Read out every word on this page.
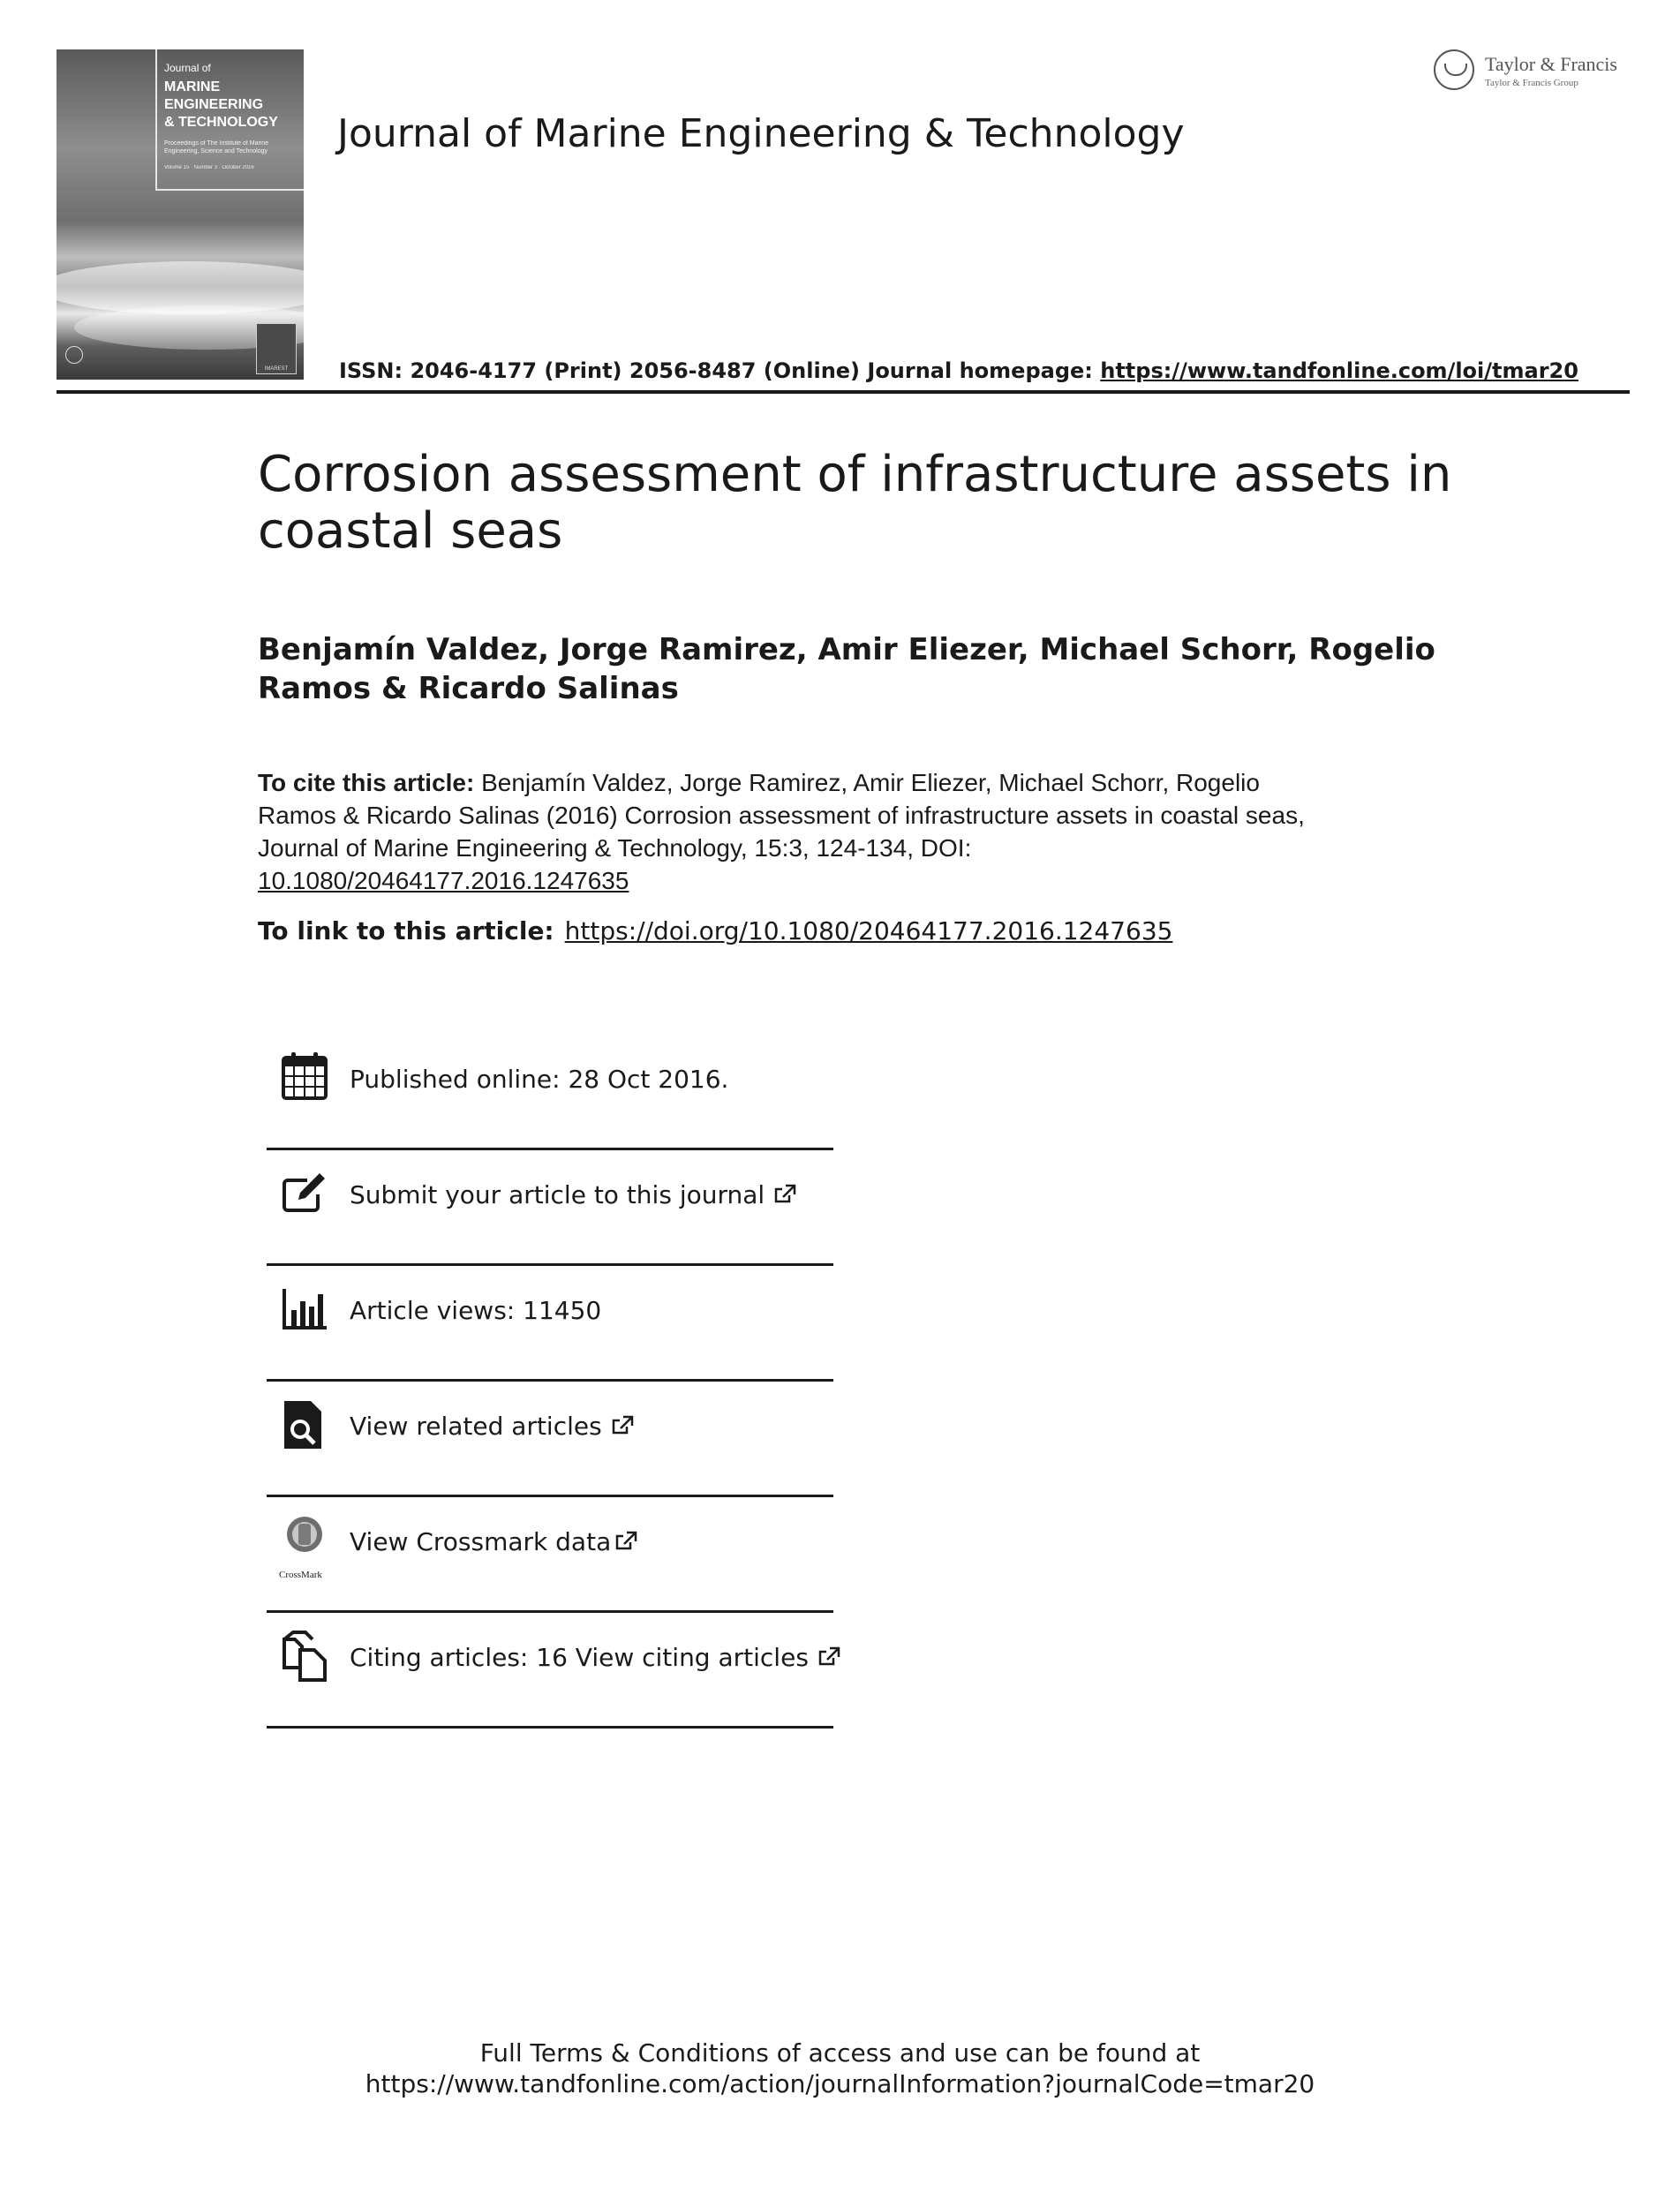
Journal of
MARINE ENGINEERING
& TECHNOLOGY
Proceedings of The Institute of Marine Engineering, Science and Technology
Volume 15 · Number 3 · October 2016
IMAREST
Journal of Marine Engineering & Technology
Taylor & Francis
Taylor & Francis Group
ISSN: 2046-4177 (Print) 2056-8487 (Online) Journal homepage: https://www.tandfonline.com/loi/tmar20
Corrosion assessment of infrastructure assets in coastal seas
Benjamín Valdez, Jorge Ramirez, Amir Eliezer, Michael Schorr, Rogelio Ramos & Ricardo Salinas
To cite this article: Benjamín Valdez, Jorge Ramirez, Amir Eliezer, Michael Schorr, Rogelio Ramos & Ricardo Salinas (2016) Corrosion assessment of infrastructure assets in coastal seas, Journal of Marine Engineering & Technology, 15:3, 124-134, DOI:
10.1080/20464177.2016.1247635
To link to this article: https://doi.org/10.1080/20464177.2016.1247635
Published online: 28 Oct 2016.
Submit your article to this journal
Article views: 11450
View related articles
CrossMark
View Crossmark data
Citing articles: 16 View citing articles
Full Terms & Conditions of access and use can be found at
https://www.tandfonline.com/action/journalInformation?journalCode=tmar20
